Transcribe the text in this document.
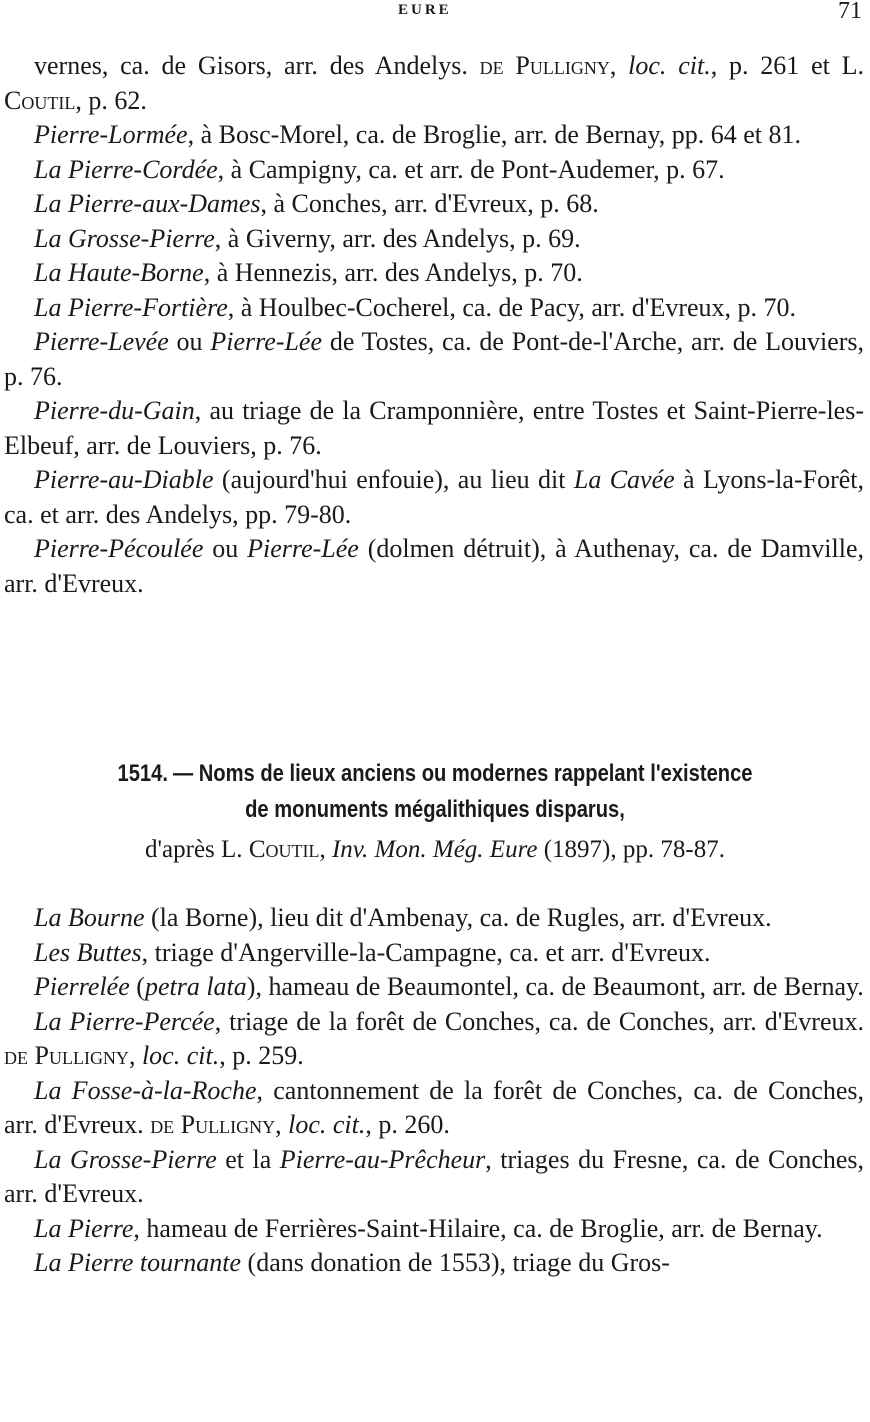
EURE	71

vernes, ca. de Gisors, arr. des Andelys. de Pulligny, loc. cit., p. 261 et L. Coutil, p. 62.

Pierre-Lormée, à Bosc-Morel, ca. de Broglie, arr. de Bernay, pp. 64 et 81.

La Pierre-Cordée, à Campigny, ca. et arr. de Pont-Audemer, p. 67.

La Pierre-aux-Dames, à Conches, arr. d'Evreux, p. 68.

La Grosse-Pierre, à Giverny, arr. des Andelys, p. 69.

La Haute-Borne, à Hennezis, arr. des Andelys, p. 70.

La Pierre-Fortière, à Houlbec-Cocherel, ca. de Pacy, arr. d'Evreux, p. 70.

Pierre-Levée ou Pierre-Lée de Tostes, ca. de Pont-de-l'Arche, arr. de Louviers, p. 76.

Pierre-du-Gain, au triage de la Cramponnière, entre Tostes et Saint-Pierre-les-Elbeuf, arr. de Louviers, p. 76.

Pierre-au-Diable (aujourd'hui enfouie), au lieu dit La Cavée à Lyons-la-Forêt, ca. et arr. des Andelys, pp. 79-80.

Pierre-Pécoulée ou Pierre-Lée (dolmen détruit), à Authenay, ca. de Damville, arr. d'Evreux.

1514. — Noms de lieux anciens ou modernes rappelant l'existence

de monuments mégalithiques disparus,

d'après L. Coutil, Inv. Mon. Még. Eure (1897), pp. 78-87.

La Bourne (la Borne), lieu dit d'Ambenay, ca. de Rugles, arr. d'Evreux.

Les Buttes, triage d'Angerville-la-Campagne, ca. et arr. d'Evreux.

Pierrelée (petra lata), hameau de Beaumontel, ca. de Beaumont, arr. de Bernay.

La Pierre-Percée, triage de la forêt de Conches, ca. de Conches, arr. d'Evreux. de Pulligny, loc. cit., p. 259.

La Fosse-à-la-Roche, cantonnement de la forêt de Conches, ca. de Conches, arr. d'Evreux. de Pulligny, loc. cit., p. 260.

La Grosse-Pierre et la Pierre-au-Prêcheur, triages du Fresne, ca. de Conches, arr. d'Evreux.

La Pierre, hameau de Ferrières-Saint-Hilaire, ca. de Broglie, arr. de Bernay.

La Pierre tournante (dans donation de 1553), triage du Gros-
